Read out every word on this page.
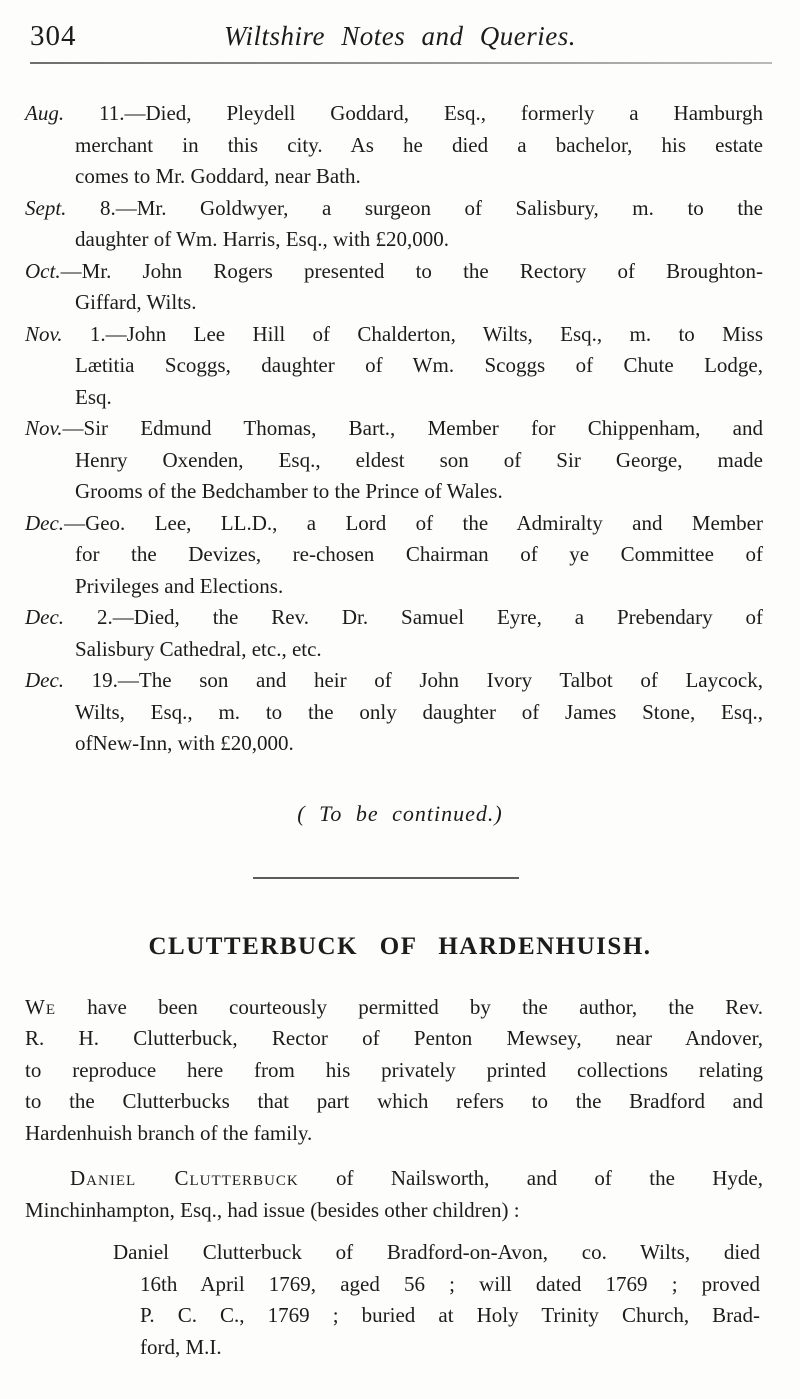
304	Wiltshire Notes and Queries.
Aug. 11.—Died, Pleydell Goddard, Esq., formerly a Hamburgh
merchant in this city. As he died a bachelor, his estate
comes to Mr. Goddard, near Bath.
Sept. 8.—Mr. Goldwyer, a surgeon of Salisbury, m. to the
daughter of Wm. Harris, Esq., with £20,000.
Oct.—Mr. John Rogers presented to the Rectory of Broughton-
Giffard, Wilts.
Nov. 1.—John Lee Hill of Chalderton, Wilts, Esq., m. to Miss
Lætitia Scoggs, daughter of Wm. Scoggs of Chute Lodge,
Esq.
Nov.—Sir Edmund Thomas, Bart., Member for Chippenham, and
Henry Oxenden, Esq., eldest son of Sir George, made
Grooms of the Bedchamber to the Prince of Wales.
Dec.—Geo. Lee, LL.D., a Lord of the Admiralty and Member
for the Devizes, re-chosen Chairman of ye Committee of
Privileges and Elections.
Dec. 2.—Died, the Rev. Dr. Samuel Eyre, a Prebendary of
Salisbury Cathedral, etc., etc.
Dec. 19.—The son and heir of John Ivory Talbot of Laycock,
Wilts, Esq., m. to the only daughter of James Stone, Esq.,
ofNew-Inn, with £20,000.
( To be continued.)
CLUTTERBUCK OF HARDENHUISH.
We have been courteously permitted by the author, the Rev.
R. H. Clutterbuck, Rector of Penton Mewsey, near Andover,
to reproduce here from his privately printed collections relating
to the Clutterbucks that part which refers to the Bradford and
Hardenhuish branch of the family.
Daniel Clutterbuck of Nailsworth, and of the Hyde,
Minchinhampton, Esq., had issue (besides other children) :
Daniel Clutterbuck of Bradford-on-Avon, co. Wilts, died
16th April 1769, aged 56 ; will dated 1769 ; proved
P. C. C., 1769 ; buried at Holy Trinity Church, Brad-
ford, M.I.
